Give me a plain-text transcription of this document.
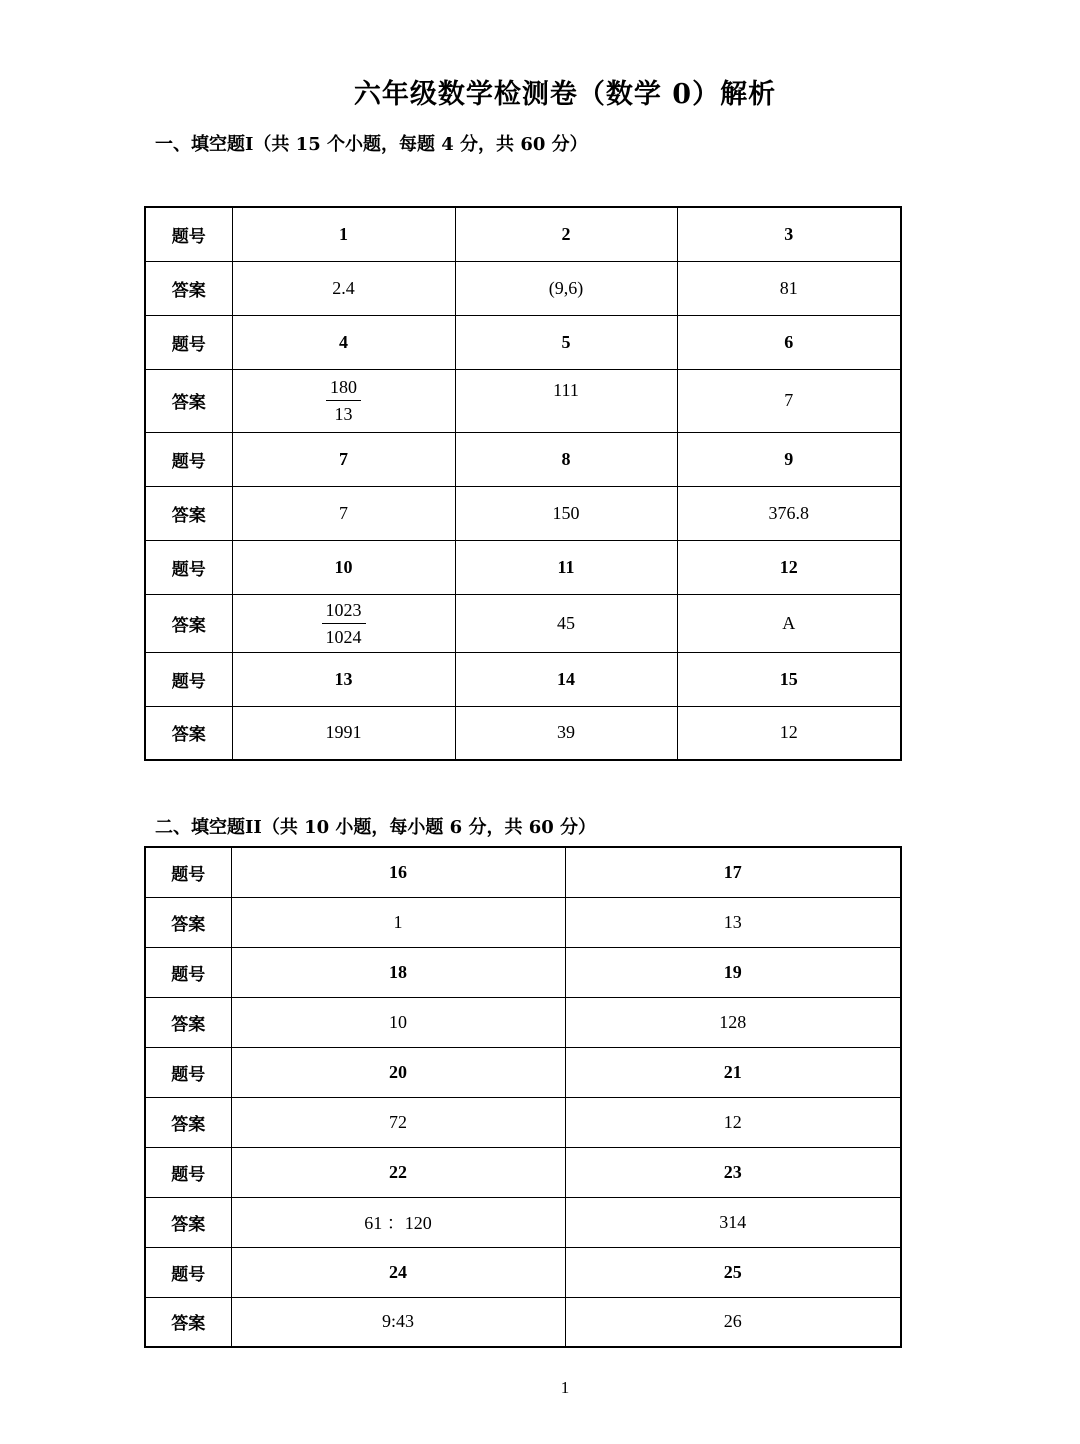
六年级数学检测卷（数学 0）解析
一、填空题I（共 15 个小题，每题 4 分，共 60 分）
题号	1	2	3
答案	2.4	(9,6)	81
题号	4	5	6
答案	$\frac{180}{13}$	111	7
题号	7	8	9
答案	7	150	376.8
题号	10	11	12
答案	$\frac{1023}{1024}$	45	A
题号	13	14	15
答案	1991	39	12
二、填空题II（共 10 小题，每小题 6 分，共 60 分）
题号	16	17
答案	1	13
题号	18	19
答案	10	128
题号	20	21
答案	72	12
题号	22	23
答案	61 ：120	314
题号	24	25
答案	9:43	26
1
